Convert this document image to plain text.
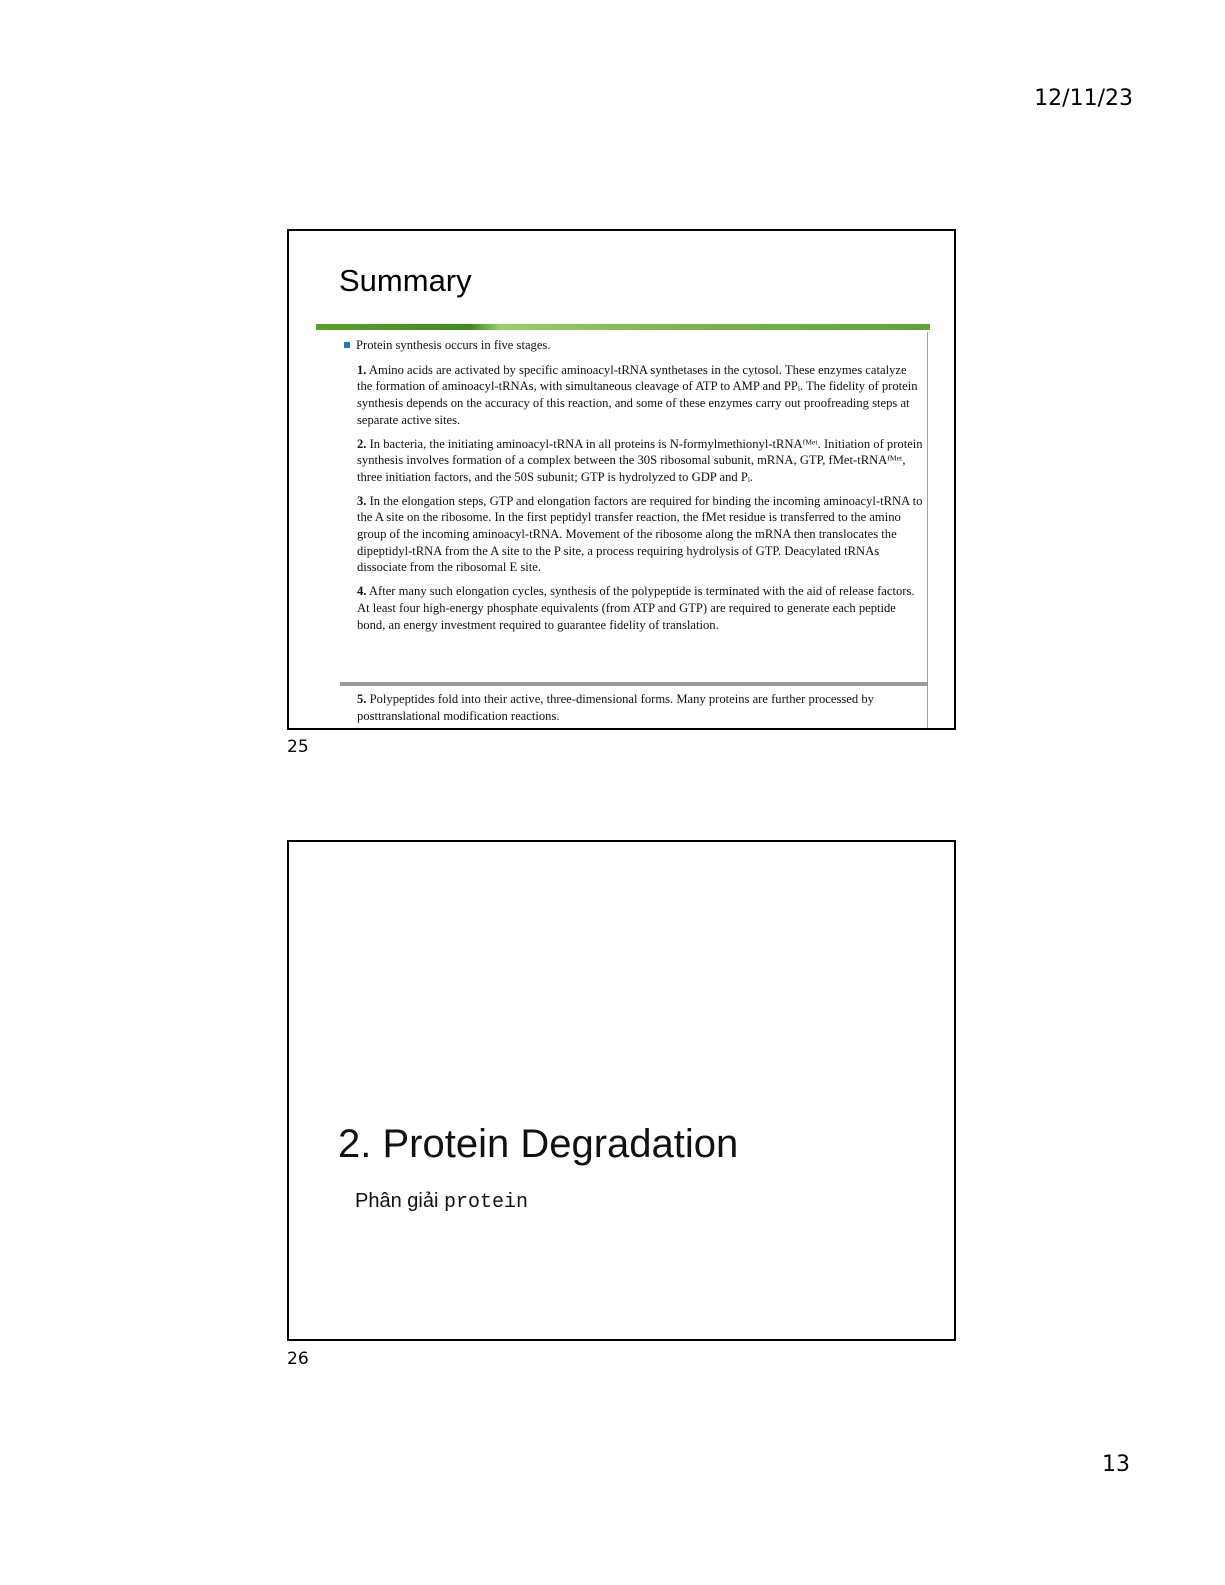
12/11/23
Summary

Protein synthesis occurs in five stages.

1. Amino acids are activated by specific aminoacyl-tRNA synthetases in the cytosol. These enzymes catalyze the formation of aminoacyl-tRNAs, with simultaneous cleavage of ATP to AMP and PPᵢ. The fidelity of protein synthesis depends on the accuracy of this reaction, and some of these enzymes carry out proofreading steps at separate active sites.

2. In bacteria, the initiating aminoacyl-tRNA in all proteins is N-formylmethionyl-tRNAᶠᴹᵉᵗ. Initiation of protein synthesis involves formation of a complex between the 30S ribosomal subunit, mRNA, GTP, fMet-tRNAᶠᴹᵉᵗ, three initiation factors, and the 50S subunit; GTP is hydrolyzed to GDP and Pᵢ.

3. In the elongation steps, GTP and elongation factors are required for binding the incoming aminoacyl-tRNA to the A site on the ribosome. In the first peptidyl transfer reaction, the fMet residue is transferred to the amino group of the incoming aminoacyl-tRNA. Movement of the ribosome along the mRNA then translocates the dipeptidyl-tRNA from the A site to the P site, a process requiring hydrolysis of GTP. Deacylated tRNAs dissociate from the ribosomal E site.

4. After many such elongation cycles, synthesis of the polypeptide is terminated with the aid of release factors. At least four high-energy phosphate equivalents (from ATP and GTP) are required to generate each peptide bond, an energy investment required to guarantee fidelity of translation.

5. Polypeptides fold into their active, three-dimensional forms. Many proteins are further processed by posttranslational modification reactions.
25
2. Protein Degradation
Phân giải protein
26
13
